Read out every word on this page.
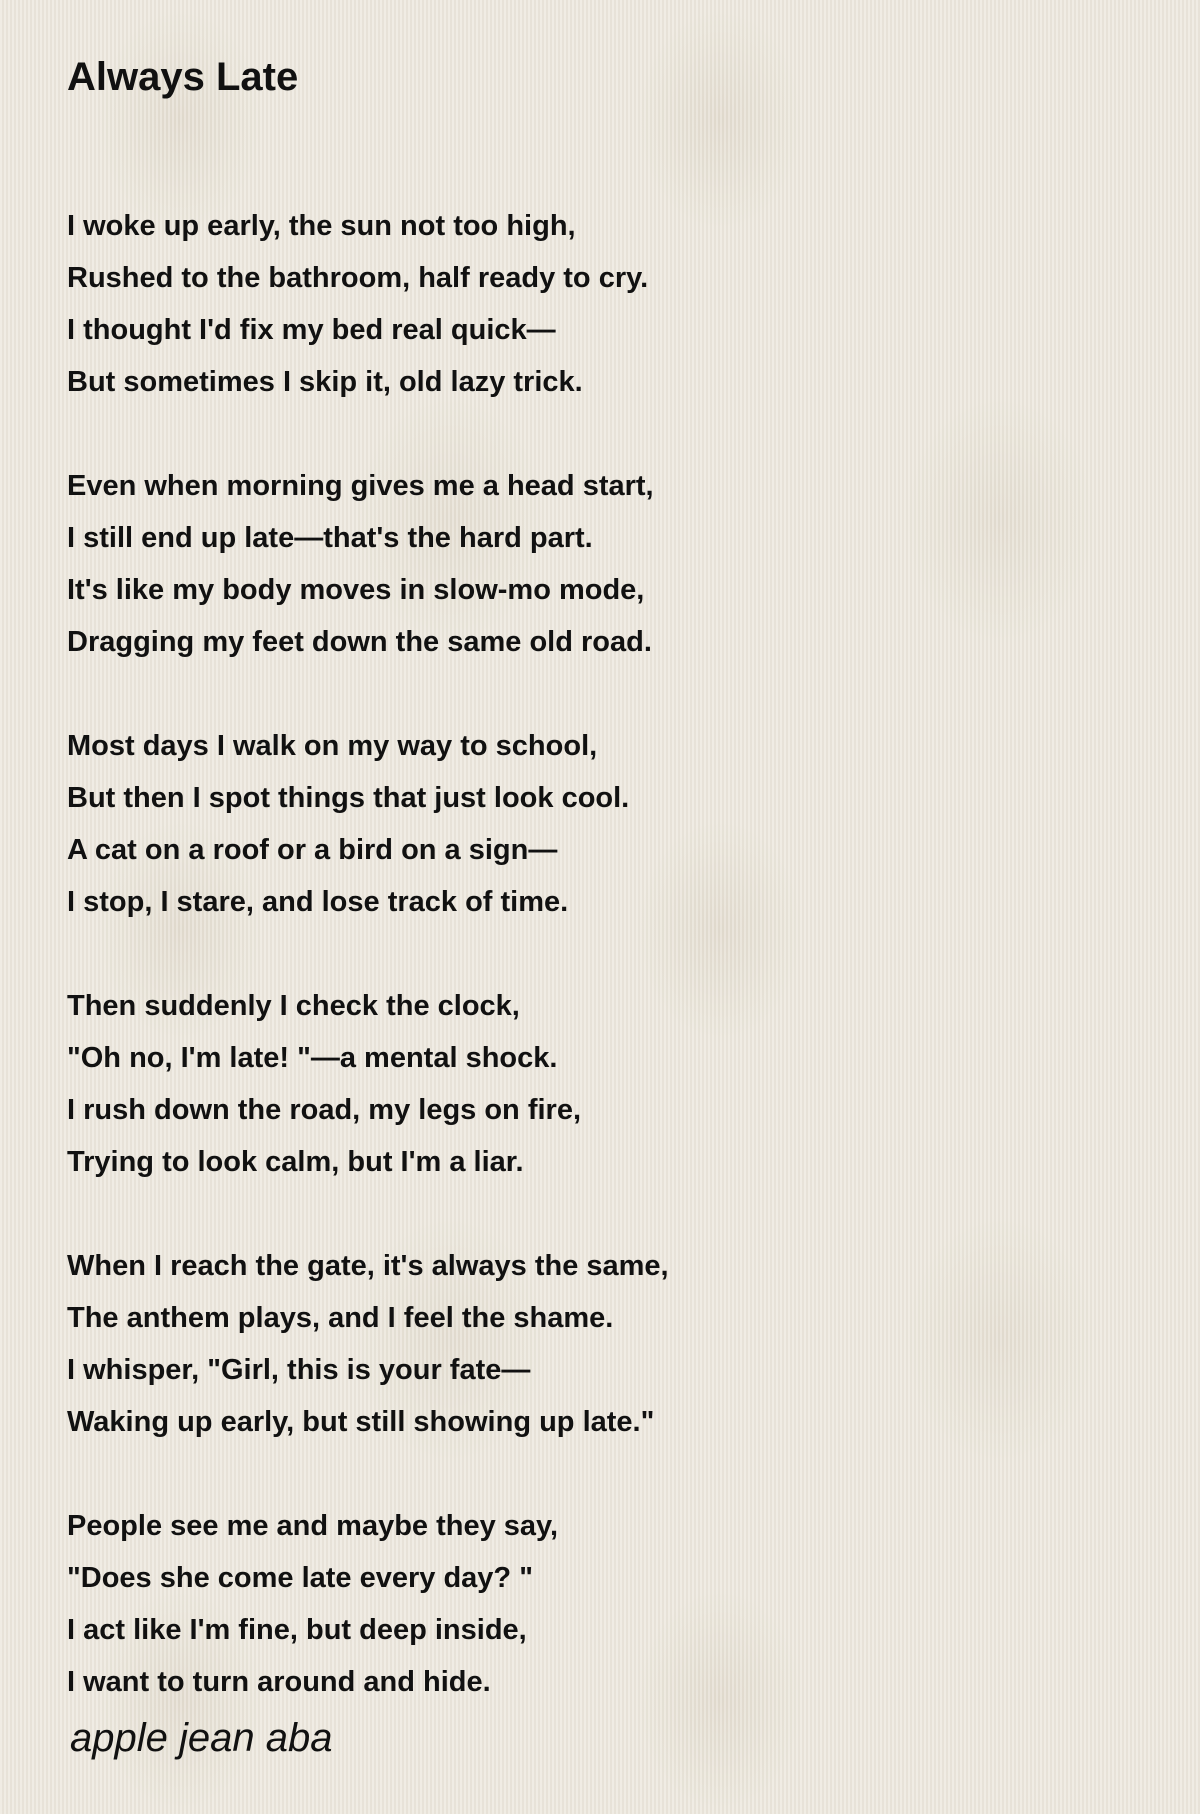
Always Late
I woke up early, the sun not too high,
Rushed to the bathroom, half ready to cry.
I thought I'd fix my bed real quick—
But sometimes I skip it, old lazy trick.
Even when morning gives me a head start,
I still end up late—that's the hard part.
It's like my body moves in slow-mo mode,
Dragging my feet down the same old road.
Most days I walk on my way to school,
But then I spot things that just look cool.
A cat on a roof or a bird on a sign—
I stop, I stare, and lose track of time.
Then suddenly I check the clock,
"Oh no, I'm late! "—a mental shock.
I rush down the road, my legs on fire,
Trying to look calm, but I'm a liar.
When I reach the gate, it's always the same,
The anthem plays, and I feel the shame.
I whisper, "Girl, this is your fate—
Waking up early, but still showing up late."
People see me and maybe they say,
"Does she come late every day? "
I act like I'm fine, but deep inside,
I want to turn around and hide.
apple jean aba
